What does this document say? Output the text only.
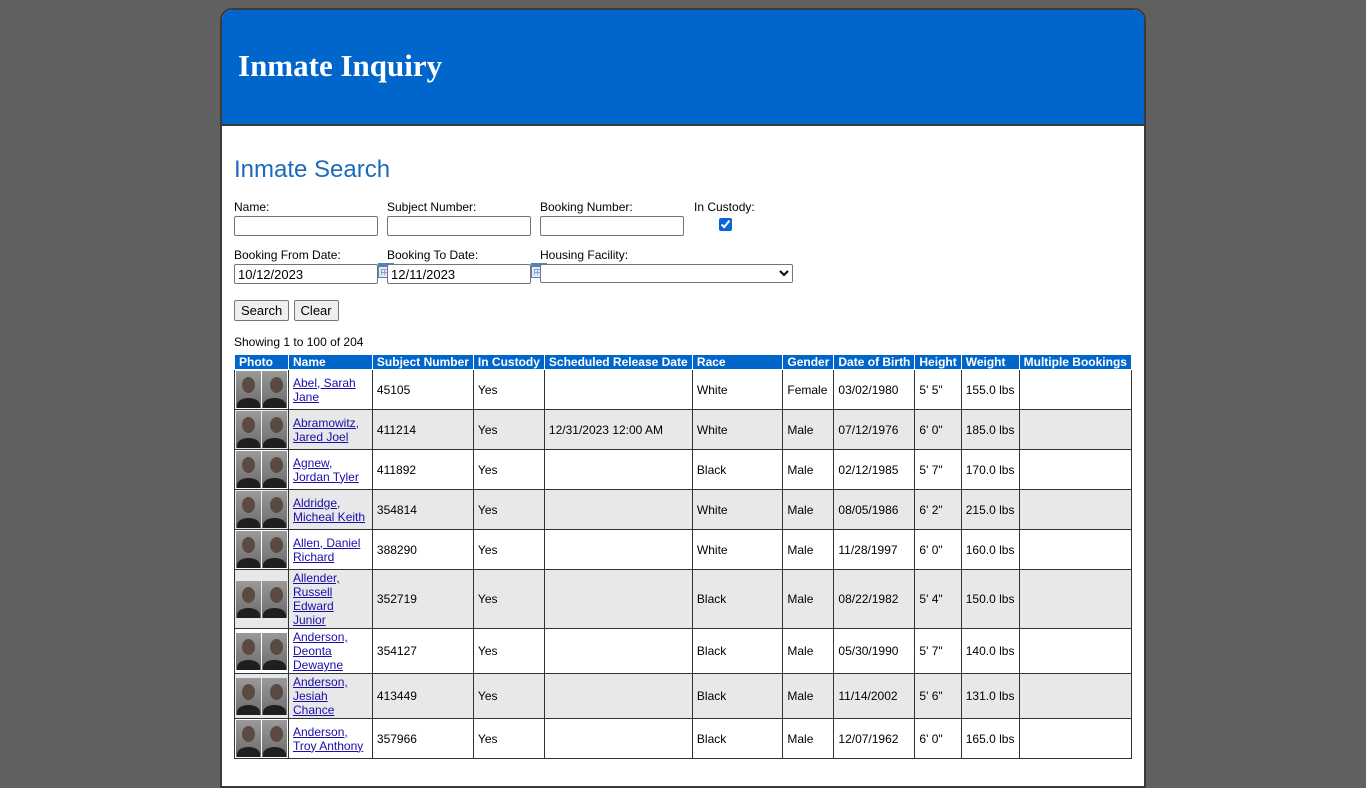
Inmate Inquiry
Inmate Search
Name:	Subject Number:	Booking Number:	In Custody:
Booking From Date:
10/12/2023	Booking To Date:
12/11/2023	Housing Facility:
Search Clear
Showing 1 to 100 of 204
Photo	Name	Subject Number	In Custody	Scheduled Release Date	Race	Gender	Date of Birth	Height	Weight	Multiple Bookings

	Abel, Sarah
Jane	45105	Yes		White	Female	03/02/1980	5' 5"	155.0 lbs	

	Abramowitz,
Jared Joel	411214	Yes	12/31/2023 12:00 AM	White	Male	07/12/1976	6' 0"	185.0 lbs	

	Agnew,
Jordan Tyler	411892	Yes		Black	Male	02/12/1985	5' 7"	170.0 lbs	

	Aldridge,
Micheal Keith	354814	Yes		White	Male	08/05/1986	6' 2"	215.0 lbs	

	Allen, Daniel
Richard	388290	Yes		White	Male	11/28/1997	6' 0"	160.0 lbs	

	Allender,
Russell
Edward
Junior	352719	Yes		Black	Male	08/22/1982	5' 4"	150.0 lbs	

	Anderson,
Deonta
Dewayne	354127	Yes		Black	Male	05/30/1990	5' 7"	140.0 lbs	

	Anderson,
Jesiah
Chance	413449	Yes		Black	Male	11/14/2002	5' 6"	131.0 lbs	

	Anderson,
Troy Anthony	357966	Yes		Black	Male	12/07/1962	6' 0"	165.0 lbs	
